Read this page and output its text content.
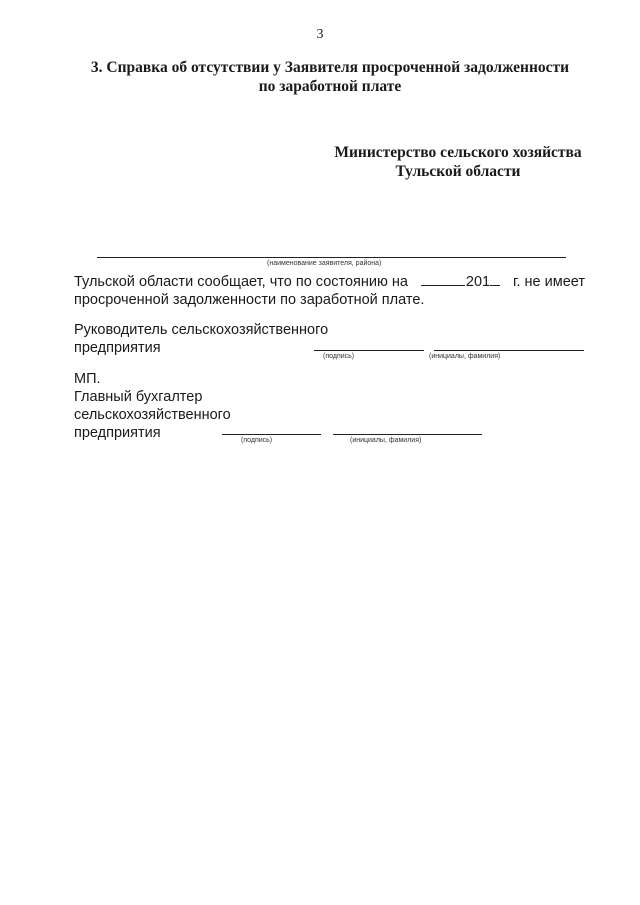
3
3. Справка об отсутствии у Заявителя просроченной задолженности
по заработной плате
Министерство сельского хозяйства
Тульской области
(наименование заявителя, района)
Тульской области сообщает, что по состоянию на	201	г. не имеет
просроченной задолженности по заработной плате.
Руководитель сельскохозяйственного
предприятия
(подпись)	(инициалы, фамилия)
МП.
Главный бухгалтер
сельскохозяйственного
предприятия	(подпись)	(инициалы, фамилия)
